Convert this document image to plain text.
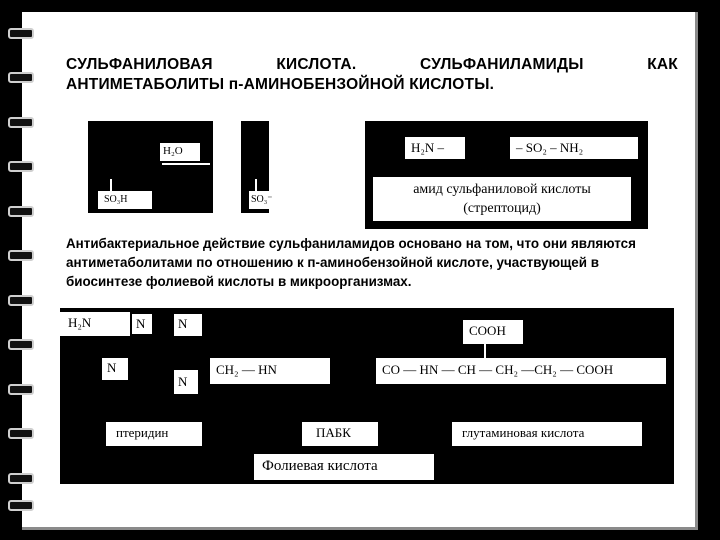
СУЛЬФАНИЛОВАЯ	КИСЛОТА.	СУЛЬФАНИЛАМИДЫ	КАК
АНТИМЕТАБОЛИТЫ п-АМИНОБЕНЗОЙНОЙ КИСЛОТЫ.
H₂O
SO₃H	SO₃⁻
H₂N –	– SO₂ – NH₂
амид сульфаниловой кислоты
(стрептоцид)
Антибактериальное действие сульфаниламидов основано на том, что они являются антиметаболитами по отношению к п-аминобензойной кислоте, участвующей в биосинтезе фолиевой кислоты в микроорганизмах.
H₂N	N	N
N
N
COOH
CH₂ — HN	CO — HN — CH — CH₂ —CH₂ — COOH
птеридин	ПАБК	глутаминовая кислота
Фолиевая кислота
